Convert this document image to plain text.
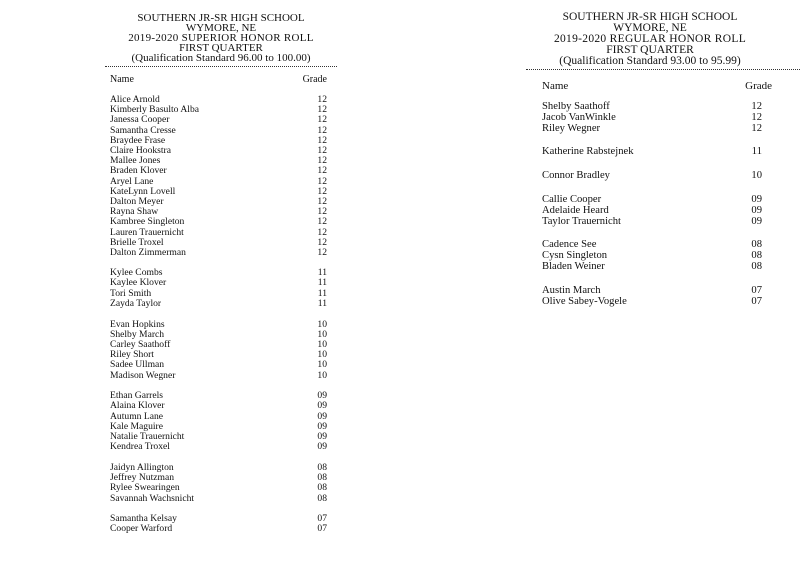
SOUTHERN JR-SR HIGH SCHOOL
WYMORE, NE
2019-2020 SUPERIOR HONOR ROLL
FIRST QUARTER
(Qualification Standard 96.00 to 100.00)
Name	Grade
Alice Arnold	12
Kimberly Basulto Alba	12
Janessa Cooper	12
Samantha Cresse	12
Braydee Frase	12
Claire Hookstra	12
Mallee Jones	12
Braden Klover	12
Aryel Lane	12
KateLynn Lovell	12
Dalton Meyer	12
Rayna Shaw	12
Kambree Singleton	12
Lauren Trauernicht	12
Brielle Troxel	12
Dalton Zimmerman	12
Kylee Combs	11
Kaylee Klover	11
Tori Smith	11
Zayda Taylor	11
Evan Hopkins	10
Shelby March	10
Carley Saathoff	10
Riley Short	10
Sadee Ullman	10
Madison Wegner	10
Ethan Garrels	09
Alaina Klover	09
Autumn Lane	09
Kale Maguire	09
Natalie Trauernicht	09
Kendrea Troxel	09
Jaidyn Allington	08
Jeffrey Nutzman	08
Rylee Swearingen	08
Savannah Wachsnicht	08
Samantha Kelsay	07
Cooper Warford	07
SOUTHERN JR-SR HIGH SCHOOL
WYMORE, NE
2019-2020 REGULAR HONOR ROLL
FIRST QUARTER
(Qualification Standard 93.00 to 95.99)
Name	Grade
Shelby Saathoff	12
Jacob VanWinkle	12
Riley Wegner	12
Katherine Rabstejnek	11
Connor Bradley	10
Callie Cooper	09
Adelaide Heard	09
Taylor Trauernicht	09
Cadence See	08
Cysn Singleton	08
Bladen Weiner	08
Austin March	07
Olive Sabey-Vogele	07
